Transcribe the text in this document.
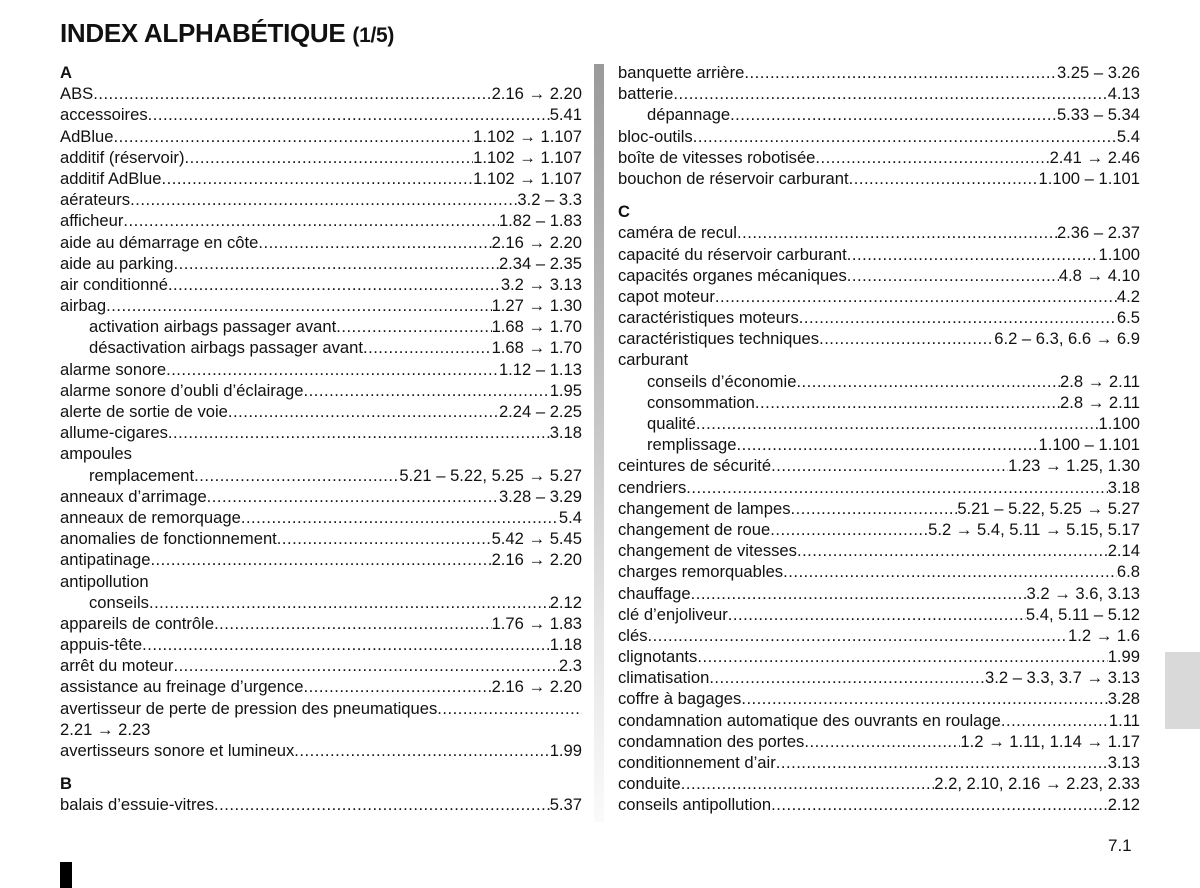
INDEX ALPHABÉTIQUE (1/5)
A
ABS .....	2.16 → 2.20
accessoires .....	5.41
AdBlue .....	1.102 → 1.107
additif (réservoir) .....	1.102 → 1.107
additif AdBlue .....	1.102 → 1.107
aérateurs .....	3.2 – 3.3
afficheur .....	1.82 – 1.83
aide au démarrage en côte .....	2.16 → 2.20
aide au parking .....	2.34 – 2.35
air conditionné .....	3.2 → 3.13
airbag .....	1.27 → 1.30
activation airbags passager avant .....	1.68 → 1.70
désactivation airbags passager avant .....	1.68 → 1.70
alarme sonore .....	1.12 – 1.13
alarme sonore d’oubli d’éclairage .....	1.95
alerte de sortie de voie .....	2.24 – 2.25
allume-cigares .....	3.18
ampoules
remplacement .....	5.21 – 5.22, 5.25 → 5.27
anneaux d’arrimage .....	3.28 – 3.29
anneaux de remorquage .....	5.4
anomalies de fonctionnement .....	5.42 → 5.45
antipatinage .....	2.16 → 2.20
antipollution
conseils .....	2.12
appareils de contrôle .....	1.76 → 1.83
appuis-tête .....	1.18
arrêt du moteur .....	2.3
assistance au freinage d’urgence .....	2.16 → 2.20
avertisseur de perte de pression des pneumatiques
.....
2.21 → 2.23
avertisseurs sonore et lumineux .....	1.99
B
balais d’essuie-vitres .....	5.37
banquette arrière .....	3.25 – 3.26
batterie .....	4.13
dépannage .....	5.33 – 5.34
bloc-outils .....	5.4
boîte de vitesses robotisée .....	2.41 → 2.46
bouchon de réservoir carburant .....	1.100 – 1.101
C
caméra de recul .....	2.36 – 2.37
capacité du réservoir carburant .....	1.100
capacités organes mécaniques .....	4.8 → 4.10
capot moteur .....	4.2
caractéristiques moteurs .....	6.5
caractéristiques techniques .....	6.2 – 6.3, 6.6 → 6.9
carburant
conseils d’économie .....	2.8 → 2.11
consommation .....	2.8 → 2.11
qualité .....	1.100
remplissage .....	1.100 – 1.101
ceintures de sécurité .....	1.23 → 1.25, 1.30
cendriers .....	3.18
changement de lampes .....	5.21 – 5.22, 5.25 → 5.27
changement de roue .....	5.2 → 5.4, 5.11 → 5.15, 5.17
changement de vitesses .....	2.14
charges remorquables .....	6.8
chauffage .....	3.2 → 3.6, 3.13
clé d’enjoliveur .....	5.4, 5.11 – 5.12
clés .....	1.2 → 1.6
clignotants .....	1.99
climatisation .....	3.2 – 3.3, 3.7 → 3.13
coffre à bagages .....	3.28
condamnation automatique des ouvrants en roulage .....	1.11
condamnation des portes .....	1.2 → 1.11, 1.14 → 1.17
conditionnement d’air .....	3.13
conduite .....	2.2, 2.10, 2.16 → 2.23, 2.33
conseils antipollution .....	2.12
7.1
